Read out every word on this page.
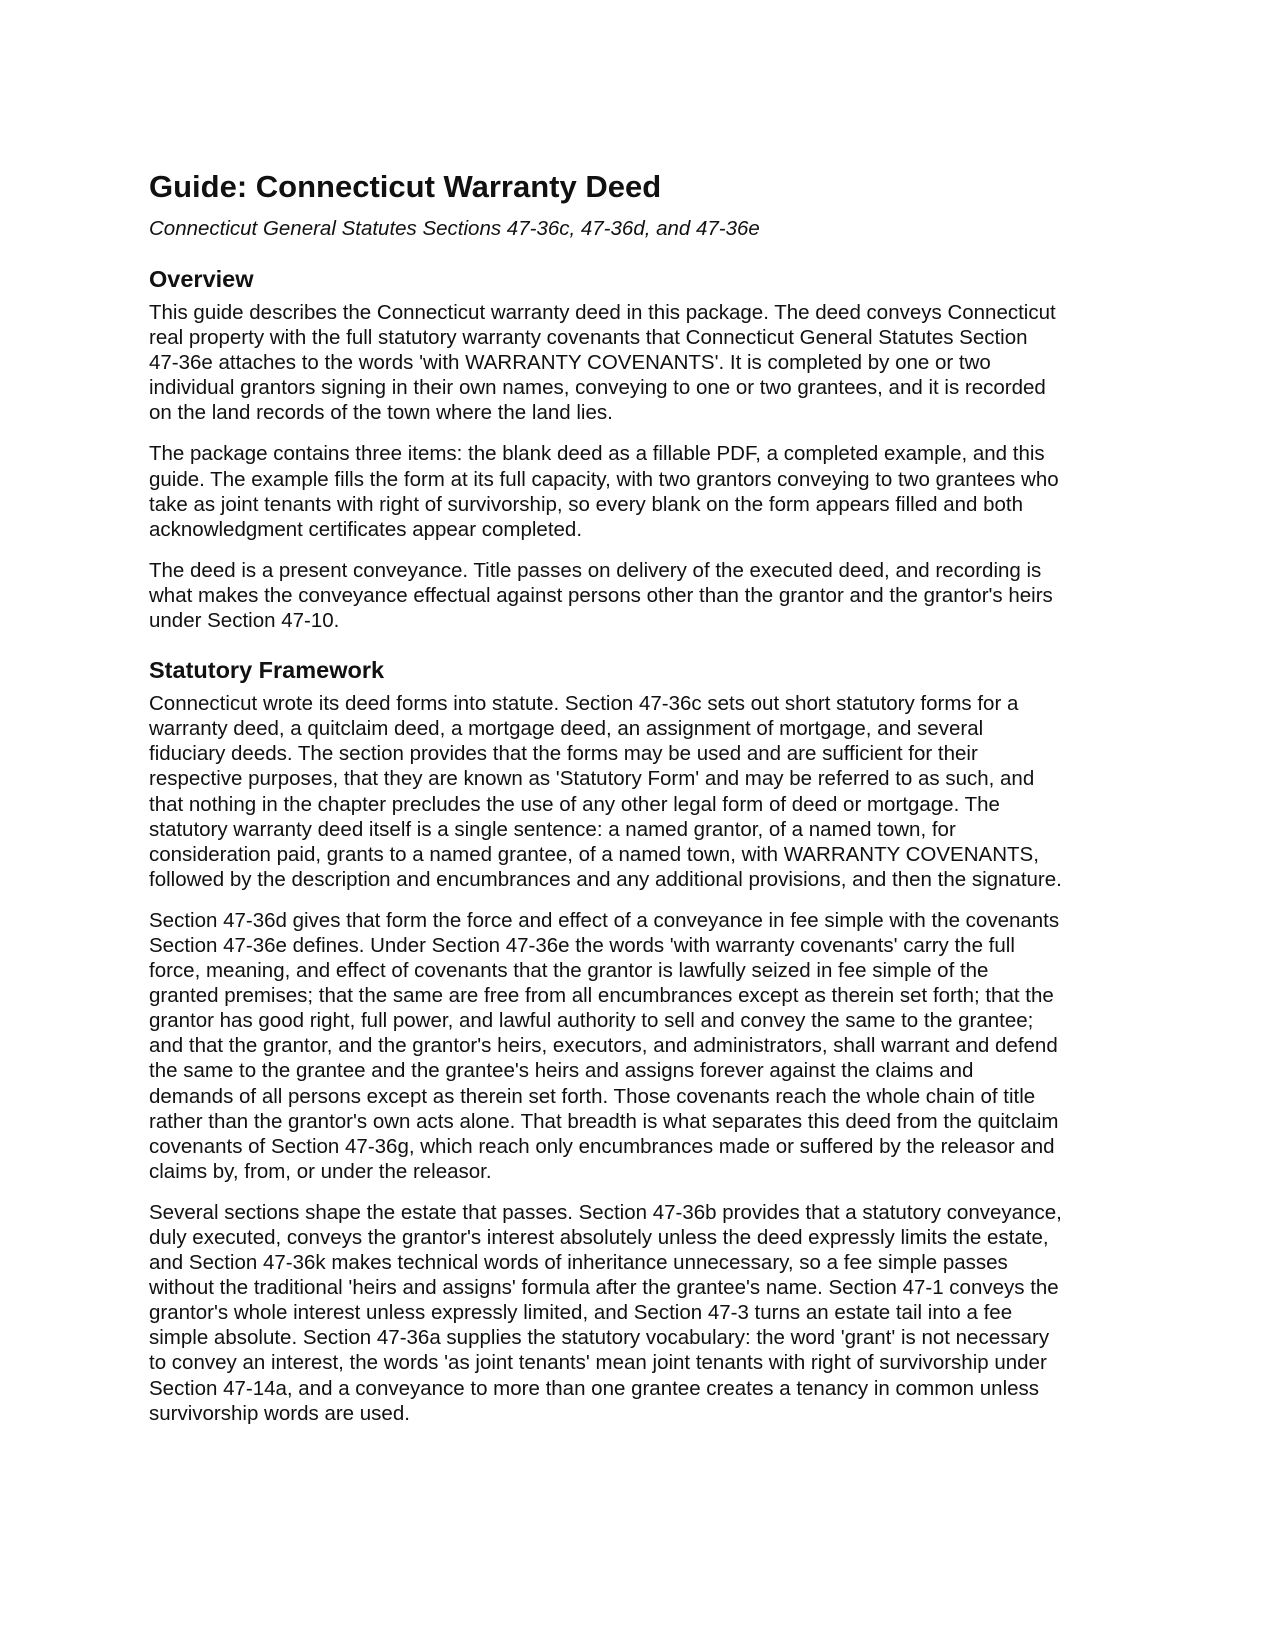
Guide: Connecticut Warranty Deed

Connecticut General Statutes Sections 47-36c, 47-36d, and 47-36e

Overview

This guide describes the Connecticut warranty deed in this package. The deed conveys Connecticut
real property with the full statutory warranty covenants that Connecticut General Statutes Section
47-36e attaches to the words 'with WARRANTY COVENANTS'. It is completed by one or two
individual grantors signing in their own names, conveying to one or two grantees, and it is recorded
on the land records of the town where the land lies.

The package contains three items: the blank deed as a fillable PDF, a completed example, and this
guide. The example fills the form at its full capacity, with two grantors conveying to two grantees who
take as joint tenants with right of survivorship, so every blank on the form appears filled and both
acknowledgment certificates appear completed.

The deed is a present conveyance. Title passes on delivery of the executed deed, and recording is
what makes the conveyance effectual against persons other than the grantor and the grantor's heirs
under Section 47-10.

Statutory Framework

Connecticut wrote its deed forms into statute. Section 47-36c sets out short statutory forms for a
warranty deed, a quitclaim deed, a mortgage deed, an assignment of mortgage, and several
fiduciary deeds. The section provides that the forms may be used and are sufficient for their
respective purposes, that they are known as 'Statutory Form' and may be referred to as such, and
that nothing in the chapter precludes the use of any other legal form of deed or mortgage. The
statutory warranty deed itself is a single sentence: a named grantor, of a named town, for
consideration paid, grants to a named grantee, of a named town, with WARRANTY COVENANTS,
followed by the description and encumbrances and any additional provisions, and then the signature.

Section 47-36d gives that form the force and effect of a conveyance in fee simple with the covenants
Section 47-36e defines. Under Section 47-36e the words 'with warranty covenants' carry the full
force, meaning, and effect of covenants that the grantor is lawfully seized in fee simple of the
granted premises; that the same are free from all encumbrances except as therein set forth; that the
grantor has good right, full power, and lawful authority to sell and convey the same to the grantee;
and that the grantor, and the grantor's heirs, executors, and administrators, shall warrant and defend
the same to the grantee and the grantee's heirs and assigns forever against the claims and
demands of all persons except as therein set forth. Those covenants reach the whole chain of title
rather than the grantor's own acts alone. That breadth is what separates this deed from the quitclaim
covenants of Section 47-36g, which reach only encumbrances made or suffered by the releasor and
claims by, from, or under the releasor.

Several sections shape the estate that passes. Section 47-36b provides that a statutory conveyance,
duly executed, conveys the grantor's interest absolutely unless the deed expressly limits the estate,
and Section 47-36k makes technical words of inheritance unnecessary, so a fee simple passes
without the traditional 'heirs and assigns' formula after the grantee's name. Section 47-1 conveys the
grantor's whole interest unless expressly limited, and Section 47-3 turns an estate tail into a fee
simple absolute. Section 47-36a supplies the statutory vocabulary: the word 'grant' is not necessary
to convey an interest, the words 'as joint tenants' mean joint tenants with right of survivorship under
Section 47-14a, and a conveyance to more than one grantee creates a tenancy in common unless
survivorship words are used.
